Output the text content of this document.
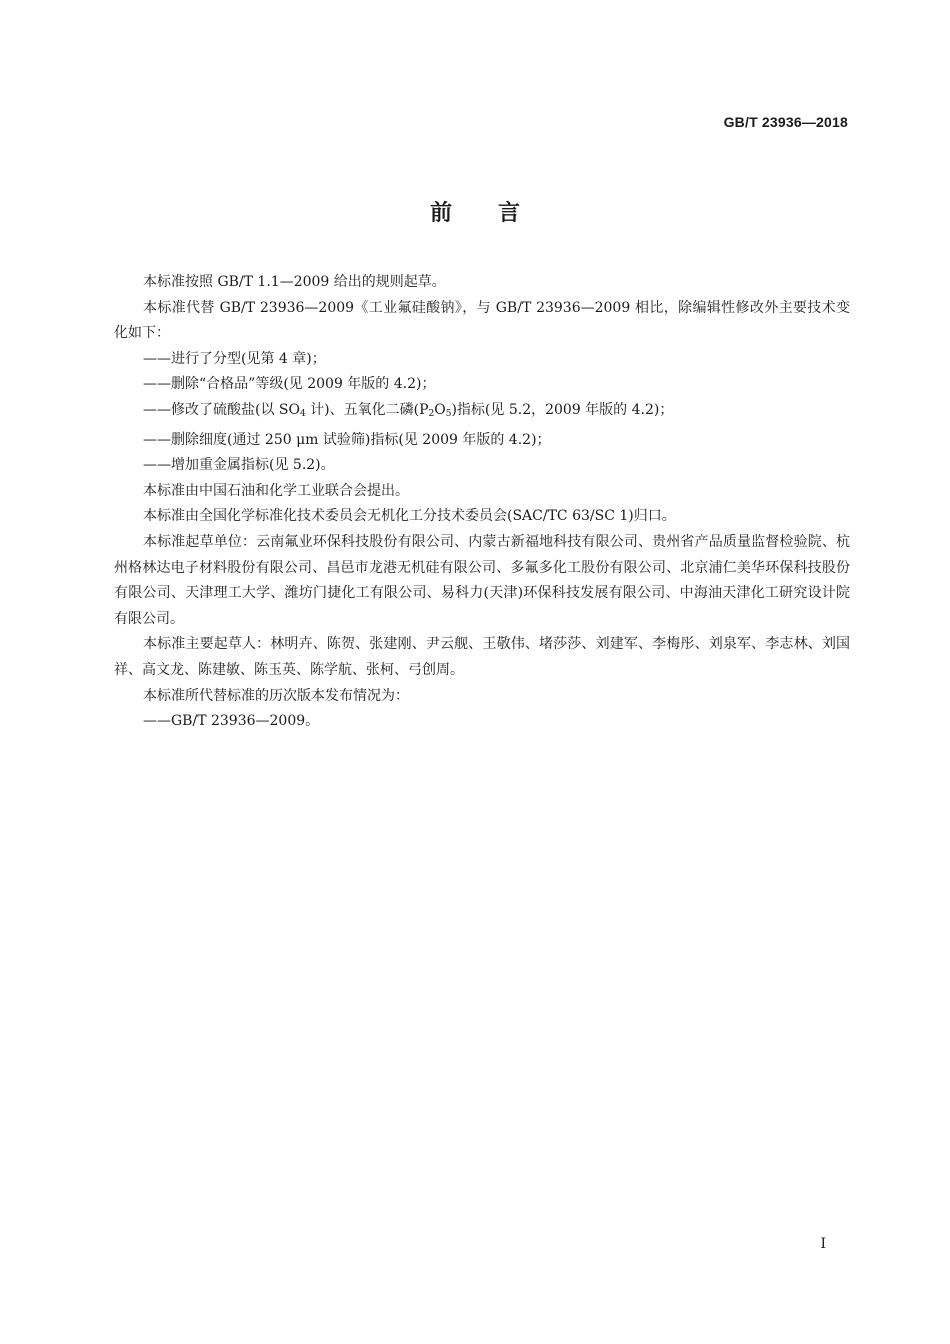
GB/T 23936—2018
前 言

本标准按照 GB/T 1.1—2009 给出的规则起草。

本标准代替 GB/T 23936—2009《工业氟硅酸钠》，与 GB/T 23936—2009 相比，除编辑性修改外主要技术变化如下：

——进行了分型(见第 4 章)；

——删除“合格品”等级(见 2009 年版的 4.2)；

——修改了硫酸盐(以 $SO_4$ 计)、五氧化二磷$(P_2O_5)$指标(见 5.2，2009 年版的 4.2)；

——删除细度(通过 250 μm 试验筛)指标(见 2009 年版的 4.2)；

——增加重金属指标(见 5.2)。

本标准由中国石油和化学工业联合会提出。

本标准由全国化学标准化技术委员会无机化工分技术委员会(SAC/TC 63/SC 1)归口。

本标准起草单位：云南氟业环保科技股份有限公司、内蒙古新福地科技有限公司、贵州省产品质量监督检验院、杭州格林达电子材料股份有限公司、昌邑市龙港无机硅有限公司、多氟多化工股份有限公司、北京浦仁美华环保科技股份有限公司、天津理工大学、潍坊门捷化工有限公司、易科力(天津)环保科技发展有限公司、中海油天津化工研究设计院有限公司。

本标准主要起草人：林明卉、陈贺、张建刚、尹云舰、王敬伟、堵莎莎、刘建军、李梅彤、刘泉军、李志林、刘国祥、高文龙、陈建敏、陈玉英、陈学航、张柯、弓创周。

本标准所代替标准的历次版本发布情况为：

——GB/T 23936—2009。

I
